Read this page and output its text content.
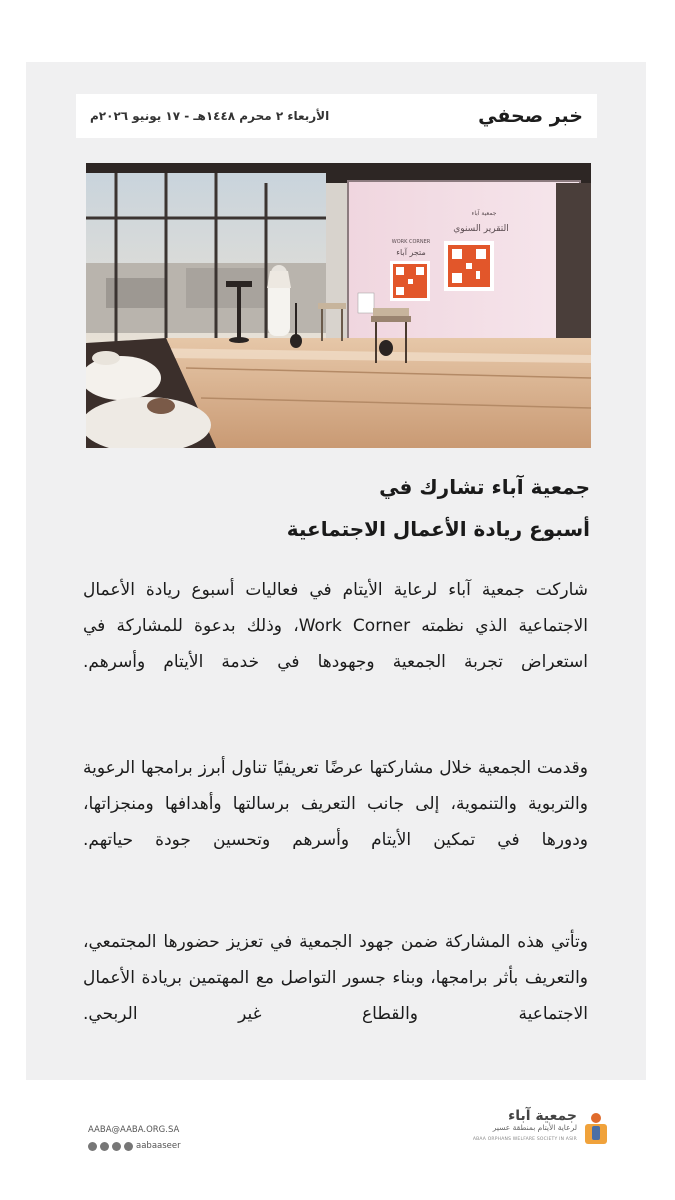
خبر صحفي
الأربعاء ٢ محرم ١٤٤٨هـ - ١٧ يونيو ٢٠٢٦م
التقرير السنوي
متجر آباء
WORK CORNER
جمعية آباء
جمعية آباء تشارك في
أسبوع ريادة الأعمال الاجتماعية
شاركت جمعية آباء لرعاية الأيتام في فعاليات أسبوع ريادة الأعمال الاجتماعية الذي نظمته Work Corner، وذلك بدعوة للمشاركة في استعراض تجربة الجمعية وجهودها في خدمة الأيتام وأسرهم.
وقدمت الجمعية خلال مشاركتها عرضًا تعريفيًا تناول أبرز برامجها الرعوية والتربوية والتنموية، إلى جانب التعريف برسالتها وأهدافها ومنجزاتها، ودورها في تمكين الأيتام وأسرهم وتحسين جودة حياتهم.
وتأتي هذه المشاركة ضمن جهود الجمعية في تعزيز حضورها المجتمعي، والتعريف بأثر برامجها، وبناء جسور التواصل مع المهتمين بريادة الأعمال الاجتماعية والقطاع غير الربحي.
AABA@AABA.ORG.SA
aabaaseer
جمعية آباء
لرعاية الأيتام بمنطقة عسير
ABAA ORPHANS WELFARE SOCIETY IN ASIR
